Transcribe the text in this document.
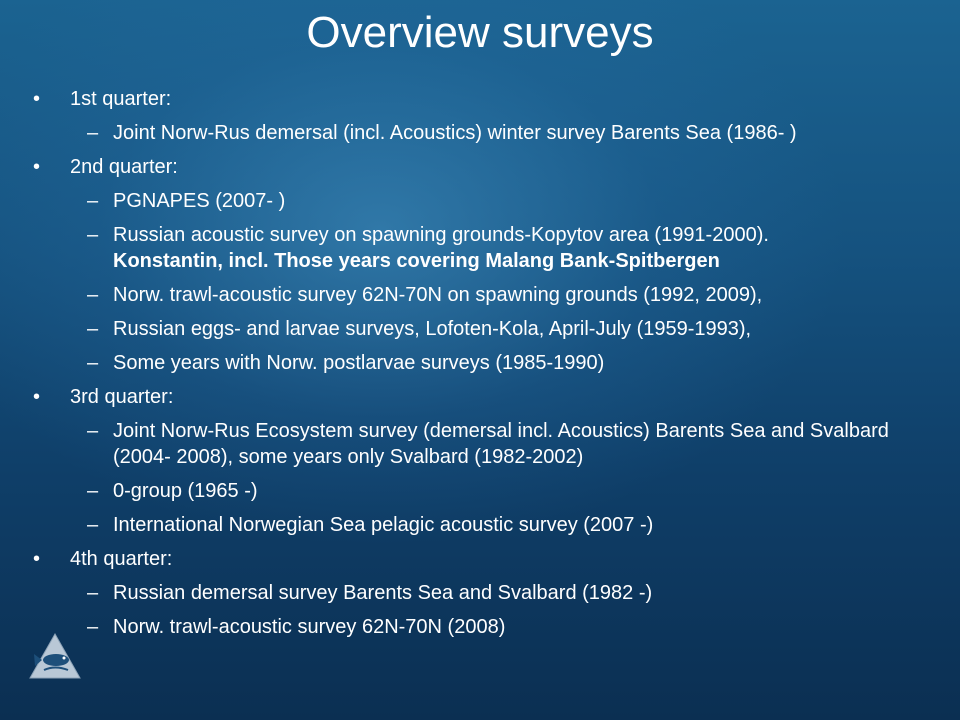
Overview surveys
• 1st quarter:
– Joint Norw-Rus demersal (incl. Acoustics) winter survey Barents Sea (1986- )
• 2nd quarter:
– PGNAPES (2007- )
– Russian acoustic survey on spawning grounds-Kopytov area (1991-2000).
Konstantin, incl. Those years covering Malang Bank-Spitbergen
– Norw. trawl-acoustic survey 62N-70N on spawning grounds (1992, 2009),
– Russian eggs- and larvae surveys, Lofoten-Kola, April-July (1959-1993),
– Some years with Norw. postlarvae surveys (1985-1990)
• 3rd quarter:
– Joint Norw-Rus Ecosystem survey (demersal incl. Acoustics) Barents Sea and Svalbard (2004- 2008), some years only Svalbard (1982-2002)
– 0-group (1965 -)
– International Norwegian Sea pelagic acoustic survey (2007 -)
• 4th quarter:
– Russian demersal survey Barents Sea and Svalbard (1982 -)
– Norw. trawl-acoustic survey 62N-70N (2008)
